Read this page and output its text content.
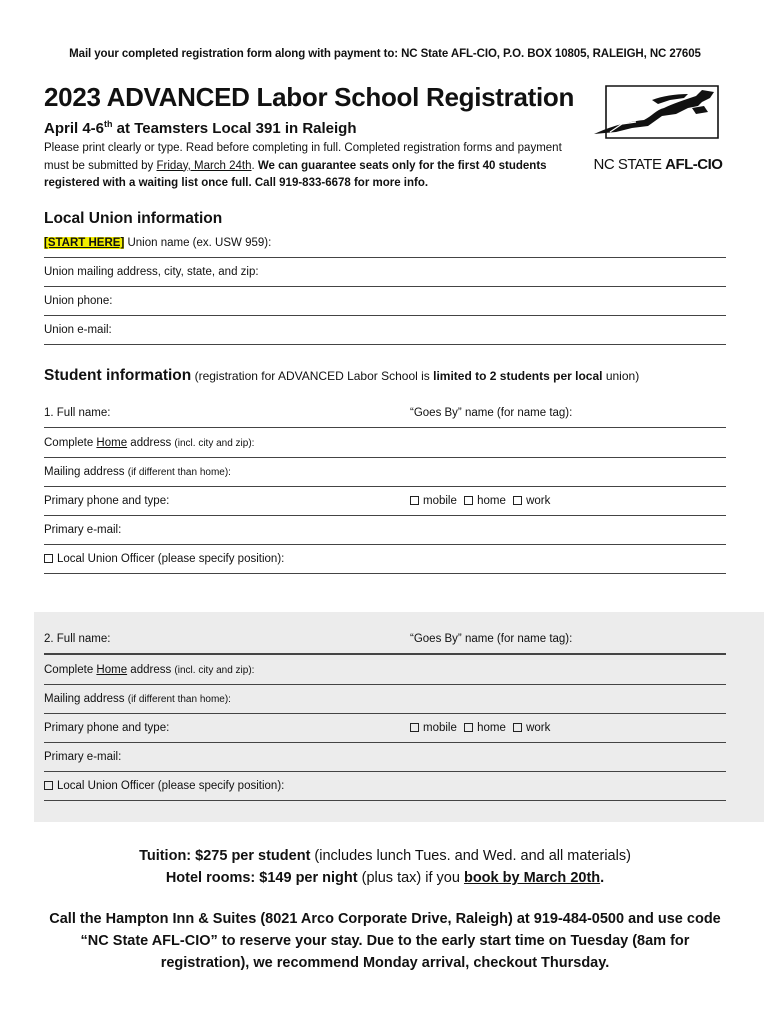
Mail your completed registration form along with payment to: NC State AFL-CIO, P.O. BOX 10805, RALEIGH, NC 27605
2023 ADVANCED Labor School Registration
April 4-6th at Teamsters Local 391 in Raleigh
Please print clearly or type. Read before completing in full. Completed registration forms and payment must be submitted by Friday, March 24th. We can guarantee seats only for the first 40 students registered with a waiting list once full. Call 919-833-6678 for more info.
NC STATE AFL-CIO
Local Union information
[START HERE] Union name (ex. USW 959):
Union mailing address, city, state, and zip:
Union phone:
Union e-mail:
Student information (registration for ADVANCED Labor School is limited to 2 students per local union)
1. Full name:	“Goes By” name (for name tag):
Complete Home address (incl. city and zip):
Mailing address (if different than home):
Primary phone and type:	mobile home work
Primary e-mail:
Local Union Officer (please specify position):
2. Full name:	“Goes By” name (for name tag):
Complete Home address (incl. city and zip):
Mailing address (if different than home):
Primary phone and type:	mobile home work
Primary e-mail:
Local Union Officer (please specify position):
Tuition: $275 per student (includes lunch Tues. and Wed. and all materials)
Hotel rooms: $149 per night (plus tax) if you book by March 20th.
Call the Hampton Inn & Suites (8021 Arco Corporate Drive, Raleigh) at 919-484-0500 and use code “NC State AFL-CIO” to reserve your stay. Due to the early start time on Tuesday (8am for registration), we recommend Monday arrival, checkout Thursday.
